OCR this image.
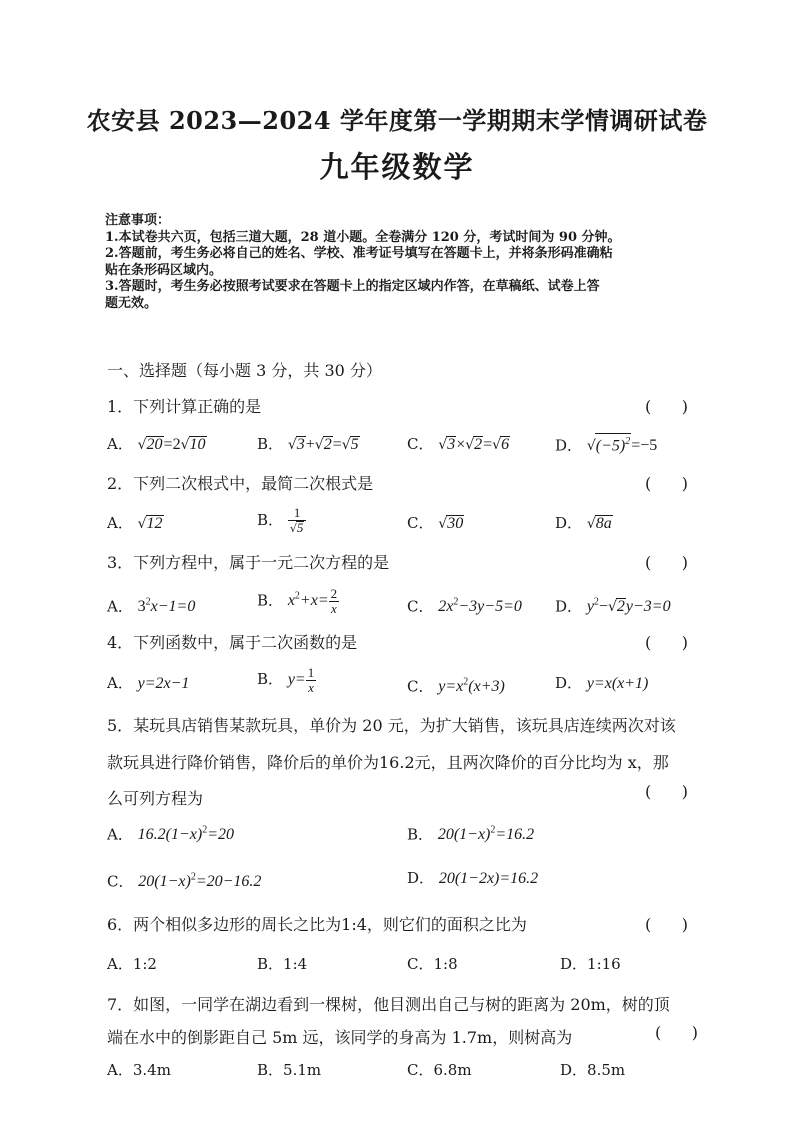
农安县 2023—2024 学年度第一学期期末学情调研试卷
九年级数学
注意事项：
1.本试卷共六页，包括三道大题，28 道小题。全卷满分 120 分，考试时间为 90 分钟。
2.答题前，考生务必将自己的姓名、学校、准考证号填写在答题卡上，并将条形码准确粘
贴在条形码区域内。
3.答题时，考生务必按照考试要求在答题卡上的指定区域内作答，在草稿纸、试卷上答
题无效。
一、选择题（每小题 3 分，共 30 分）
1．下列计算正确的是	(      )
A． √20=2√10	B． √3+√2=√5	C． √3×√2=√6	D． $√(-5)^2=-5$
2．下列二次根式中，最简二次根式是	(      )
A． √12	B． $\frac{1}{√5}$	C． √30	D． √8a
3．下列方程中，属于一元二次方程的是	(      )
A． $3^2x-1=0$	B． $x^2+x= \frac{2}{x}$	C． $2x^2-3y-5=0$ D． $y^2-√2y-3=0$
4．下列函数中，属于二次函数的是	(      )
A． y=2x−1	B． $y= \frac{1}{x}$	C． $y=x^2(x+3)$	D． y=x(x+1)
5．某玩具店销售某款玩具，单价为 20 元，为扩大销售，该玩具店连续两次对该
款玩具进行降价销售，降价后的单价为16.2元，且两次降价的百分比均为 x，那
么可列方程为	(      )
A． $16.2(1-x)^2=20$	B． $20(1-x)^2=16.2$
C． $20(1-x)^2=20-16.2$	D． 20(1−2x)=16.2
6．两个相似多边形的周长之比为1:4，则它们的面积之比为	(      )
A．1:2	B．1:4	C．1:8	D．1:16
7．如图，一同学在湖边看到一棵树，他目测出自己与树的距离为 20m，树的顶
端在水中的倒影距自己 5m 远，该同学的身高为 1.7m，则树高为	(      )
A．3.4m	B．5.1m	C．6.8m	D．8.5m
